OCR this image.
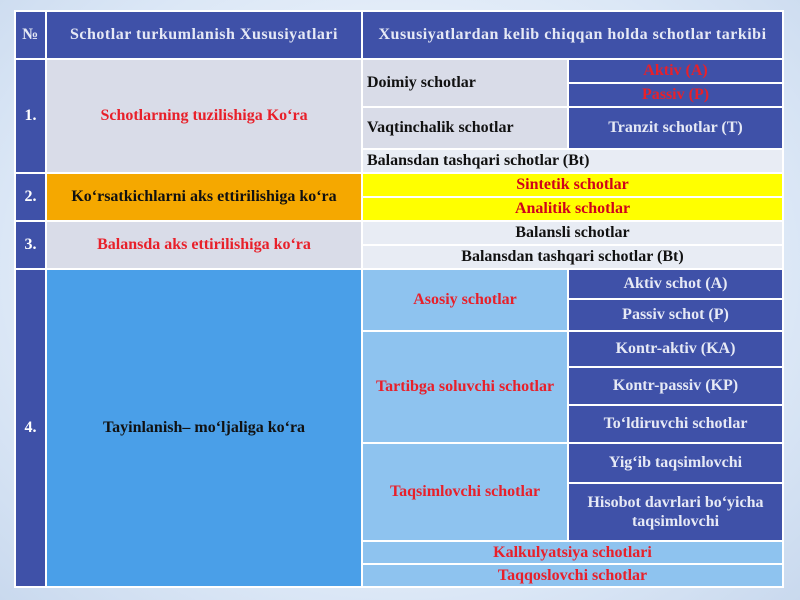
№	Schotlar turkumlanish Xususiyatlari	Xususiyatlardan kelib chiqqan holda schotlar tarkibi	
1.	Schotlarning tuzilishiga Ko‘ra	Doimiy schotlar	Aktiv (A)
			Passiv (P)
		Vaqtinchalik schotlar	Tranzit schotlar (T)
		Balansdan tashqari schotlar (Bt)	
2.	Ko‘rsatkichlarni aks ettirilishiga ko‘ra	Sintetik schotlar	
		Analitik schotlar	
3.	Balansda aks ettirilishiga ko‘ra	Balansli schotlar	
		Balansdan tashqari schotlar (Bt)	
4.	Tayinlanish– mo‘ljaliga ko‘ra	Asosiy schotlar	Aktiv schot (A)
			Passiv schot (P)
		Tartibga soluvchi schotlar	Kontr-aktiv (KA)
			Kontr-passiv (KP)
			To‘ldiruvchi schotlar
		Taqsimlovchi schotlar	Yig‘ib taqsimlovchi
			Hisobot davrlari bo‘yicha taqsimlovchi
		Kalkulyatsiya schotlari	
		Taqqoslovchi schotlar	
